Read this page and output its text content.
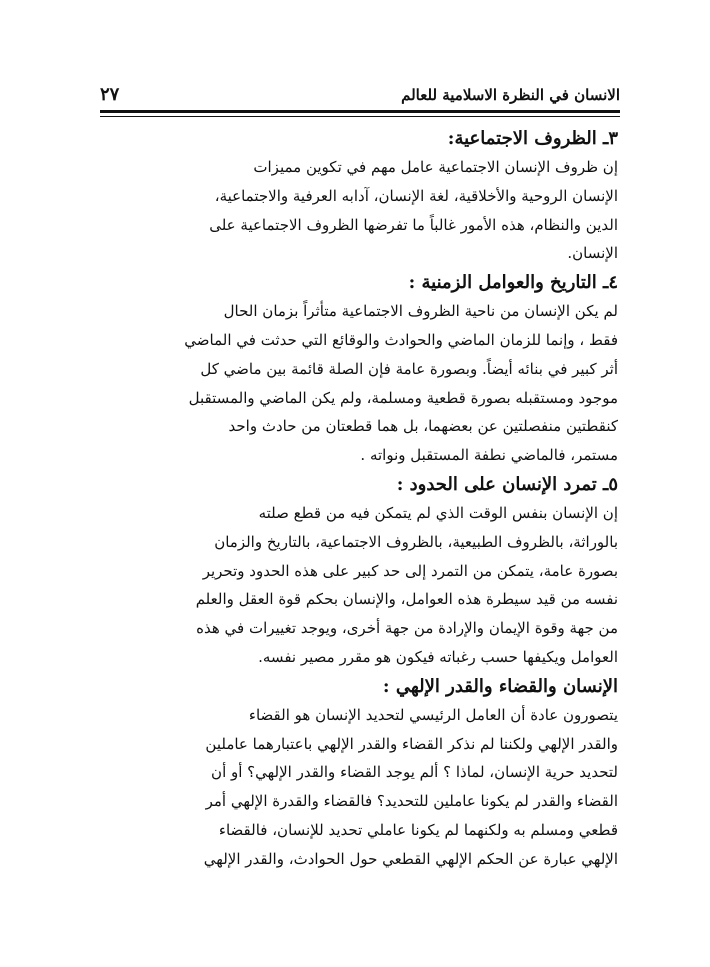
الانسان في النظرة الاسلامية للعالم
٢٧
٣ـ الظروف الاجتماعية:
إن ظروف الإنسان الاجتماعية عامل مهم في تكوين مميزات
الإنسان الروحية والأخلاقية، لغة الإنسان، آدابه العرفية والاجتماعية،
الدين والنظام، هذه الأمور غالباً ما تفرضها الظروف الاجتماعية على
الإنسان.
٤ـ التاريخ والعوامل الزمنية :
لم يكن الإنسان من ناحية الظروف الاجتماعية متأثراً بزمان الحال
فقط ، وإنما للزمان الماضي والحوادث والوقائع التي حدثت في الماضي
أثر كبير في بنائه أيضاً. وبصورة عامة فإن الصلة قائمة بين ماضي كل
موجود ومستقبله بصورة قطعية ومسلمة، ولم يكن الماضي والمستقبل
كنقطتين منفصلتين عن بعضهما، بل هما قطعتان من حادث واحد
مستمر، فالماضي نطفة المستقبل ونواته .
٥ـ تمرد الإنسان على الحدود :
إن الإنسان بنفس الوقت الذي لم يتمكن فيه من قطع صلته
بالوراثة، بالظروف الطبيعية، بالظروف الاجتماعية، بالتاريخ والزمان
بصورة عامة، يتمكن من التمرد إلى حد كبير على هذه الحدود وتحرير
نفسه من قيد سيطرة هذه العوامل، والإنسان بحكم قوة العقل والعلم
من جهة وقوة الإيمان والإرادة من جهة أخرى، ويوجد تغييرات في هذه
العوامل ويكيفها حسب رغباته فيكون هو مقرر مصير نفسه.
الإنسان والقضاء والقدر الإلهي :
يتصورون عادة أن العامل الرئيسي لتحديد الإنسان هو القضاء
والقدر الإلهي ولكننا لم نذكر القضاء والقدر الإلهي باعتبارهما عاملين
لتحديد حرية الإنسان، لماذا ؟ ألم يوجد القضاء والقدر الإلهي؟ أو أن
القضاء والقدر لم يكونا عاملين للتحديد؟ فالقضاء والقدرة الإلهي أمر
قطعي ومسلم به ولكنهما لم يكونا عاملي تحديد للإنسان، فالقضاء
الإلهي عبارة عن الحكم الإلهي القطعي حول الحوادث، والقدر الإلهي
